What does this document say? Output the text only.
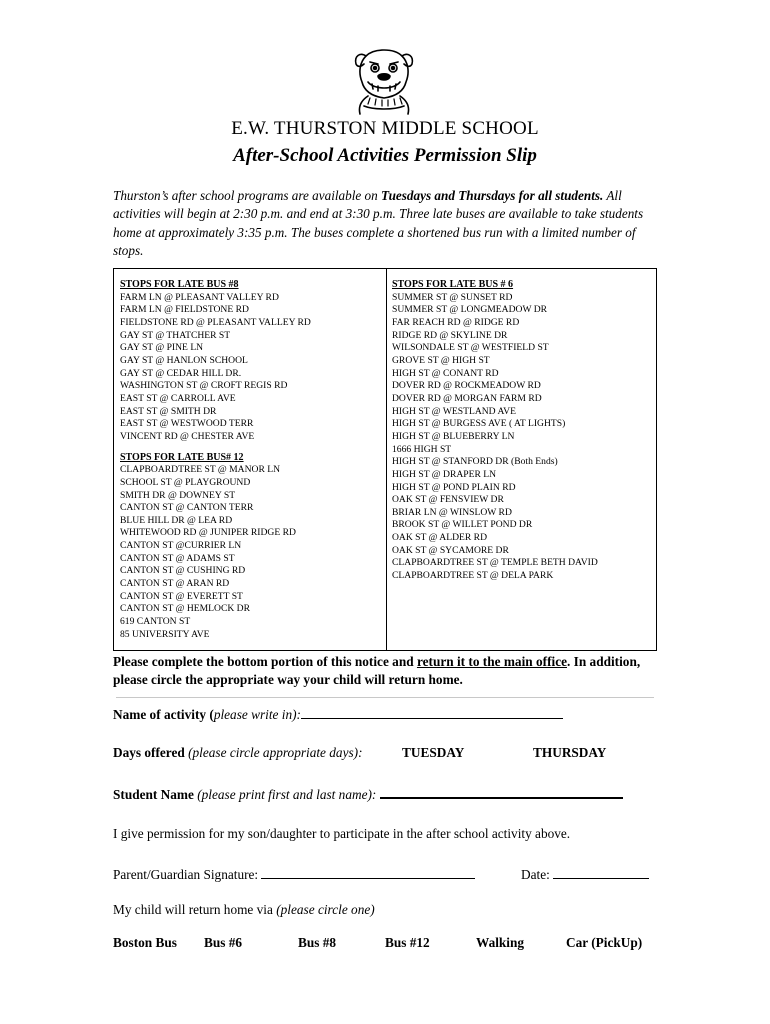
E.W. THURSTON MIDDLE SCHOOL
After-School Activities Permission Slip
Thurston’s after school programs are available on Tuesdays and Thursdays for all students. All activities will begin at 2:30 p.m. and end at 3:30 p.m. Three late buses are available to take students home at approximately 3:35 p.m. The buses complete a shortened bus run with a limited number of stops.
STOPS FOR LATE BUS #8
FARM LN @ PLEASANT VALLEY RD
FARM LN @ FIELDSTONE RD
FIELDSTONE RD @ PLEASANT VALLEY RD
GAY ST @ THATCHER ST
GAY ST @ PINE LN
GAY ST @ HANLON SCHOOL
GAY ST @ CEDAR HILL DR.
WASHINGTON ST @ CROFT REGIS RD
EAST ST @ CARROLL AVE
EAST ST @ SMITH DR
EAST ST @ WESTWOOD TERR
VINCENT RD @ CHESTER AVE
STOPS FOR LATE BUS# 12
CLAPBOARDTREE ST @ MANOR LN
SCHOOL ST @ PLAYGROUND
SMITH DR @ DOWNEY ST
CANTON ST @ CANTON TERR
BLUE HILL DR @ LEA RD
WHITEWOOD RD @ JUNIPER RIDGE RD
CANTON ST @CURRIER LN
CANTON ST @ ADAMS ST
CANTON ST @ CUSHING RD
CANTON ST @ ARAN RD
CANTON ST @ EVERETT ST
CANTON ST @ HEMLOCK DR
619 CANTON ST
85 UNIVERSITY AVE
STOPS FOR LATE BUS # 6
SUMMER ST @ SUNSET RD
SUMMER ST @ LONGMEADOW DR
FAR REACH RD @ RIDGE RD
RIDGE RD @ SKYLINE DR
WILSONDALE ST @ WESTFIELD ST
GROVE ST @ HIGH ST
HIGH ST @ CONANT RD
DOVER RD @ ROCKMEADOW RD
DOVER RD @ MORGAN FARM RD
HIGH ST @ WESTLAND AVE
HIGH ST @ BURGESS AVE ( AT LIGHTS)
HIGH ST @ BLUEBERRY LN
1666 HIGH ST
HIGH ST @ STANFORD DR (Both Ends)
HIGH ST @ DRAPER LN
HIGH ST @ POND PLAIN RD
OAK ST @ FENSVIEW DR
BRIAR LN @ WINSLOW RD
BROOK ST @ WILLET POND DR
OAK ST @ ALDER RD
OAK ST @ SYCAMORE DR
CLAPBOARDTREE ST @ TEMPLE BETH DAVID
CLAPBOARDTREE ST @ DELA PARK
Please complete the bottom portion of this notice and return it to the main office. In addition, please circle the appropriate way your child will return home.
Name of activity (please write in):
Days offered (please circle appropriate days):	TUESDAY	THURSDAY
Student Name (please print first and last name):
I give permission for my son/daughter to participate in the after school activity above.
Parent/Guardian Signature:	Date:
My child will return home via (please circle one)
Boston Bus Bus #6	Bus #8	Bus #12	Walking	Car (PickUp)
